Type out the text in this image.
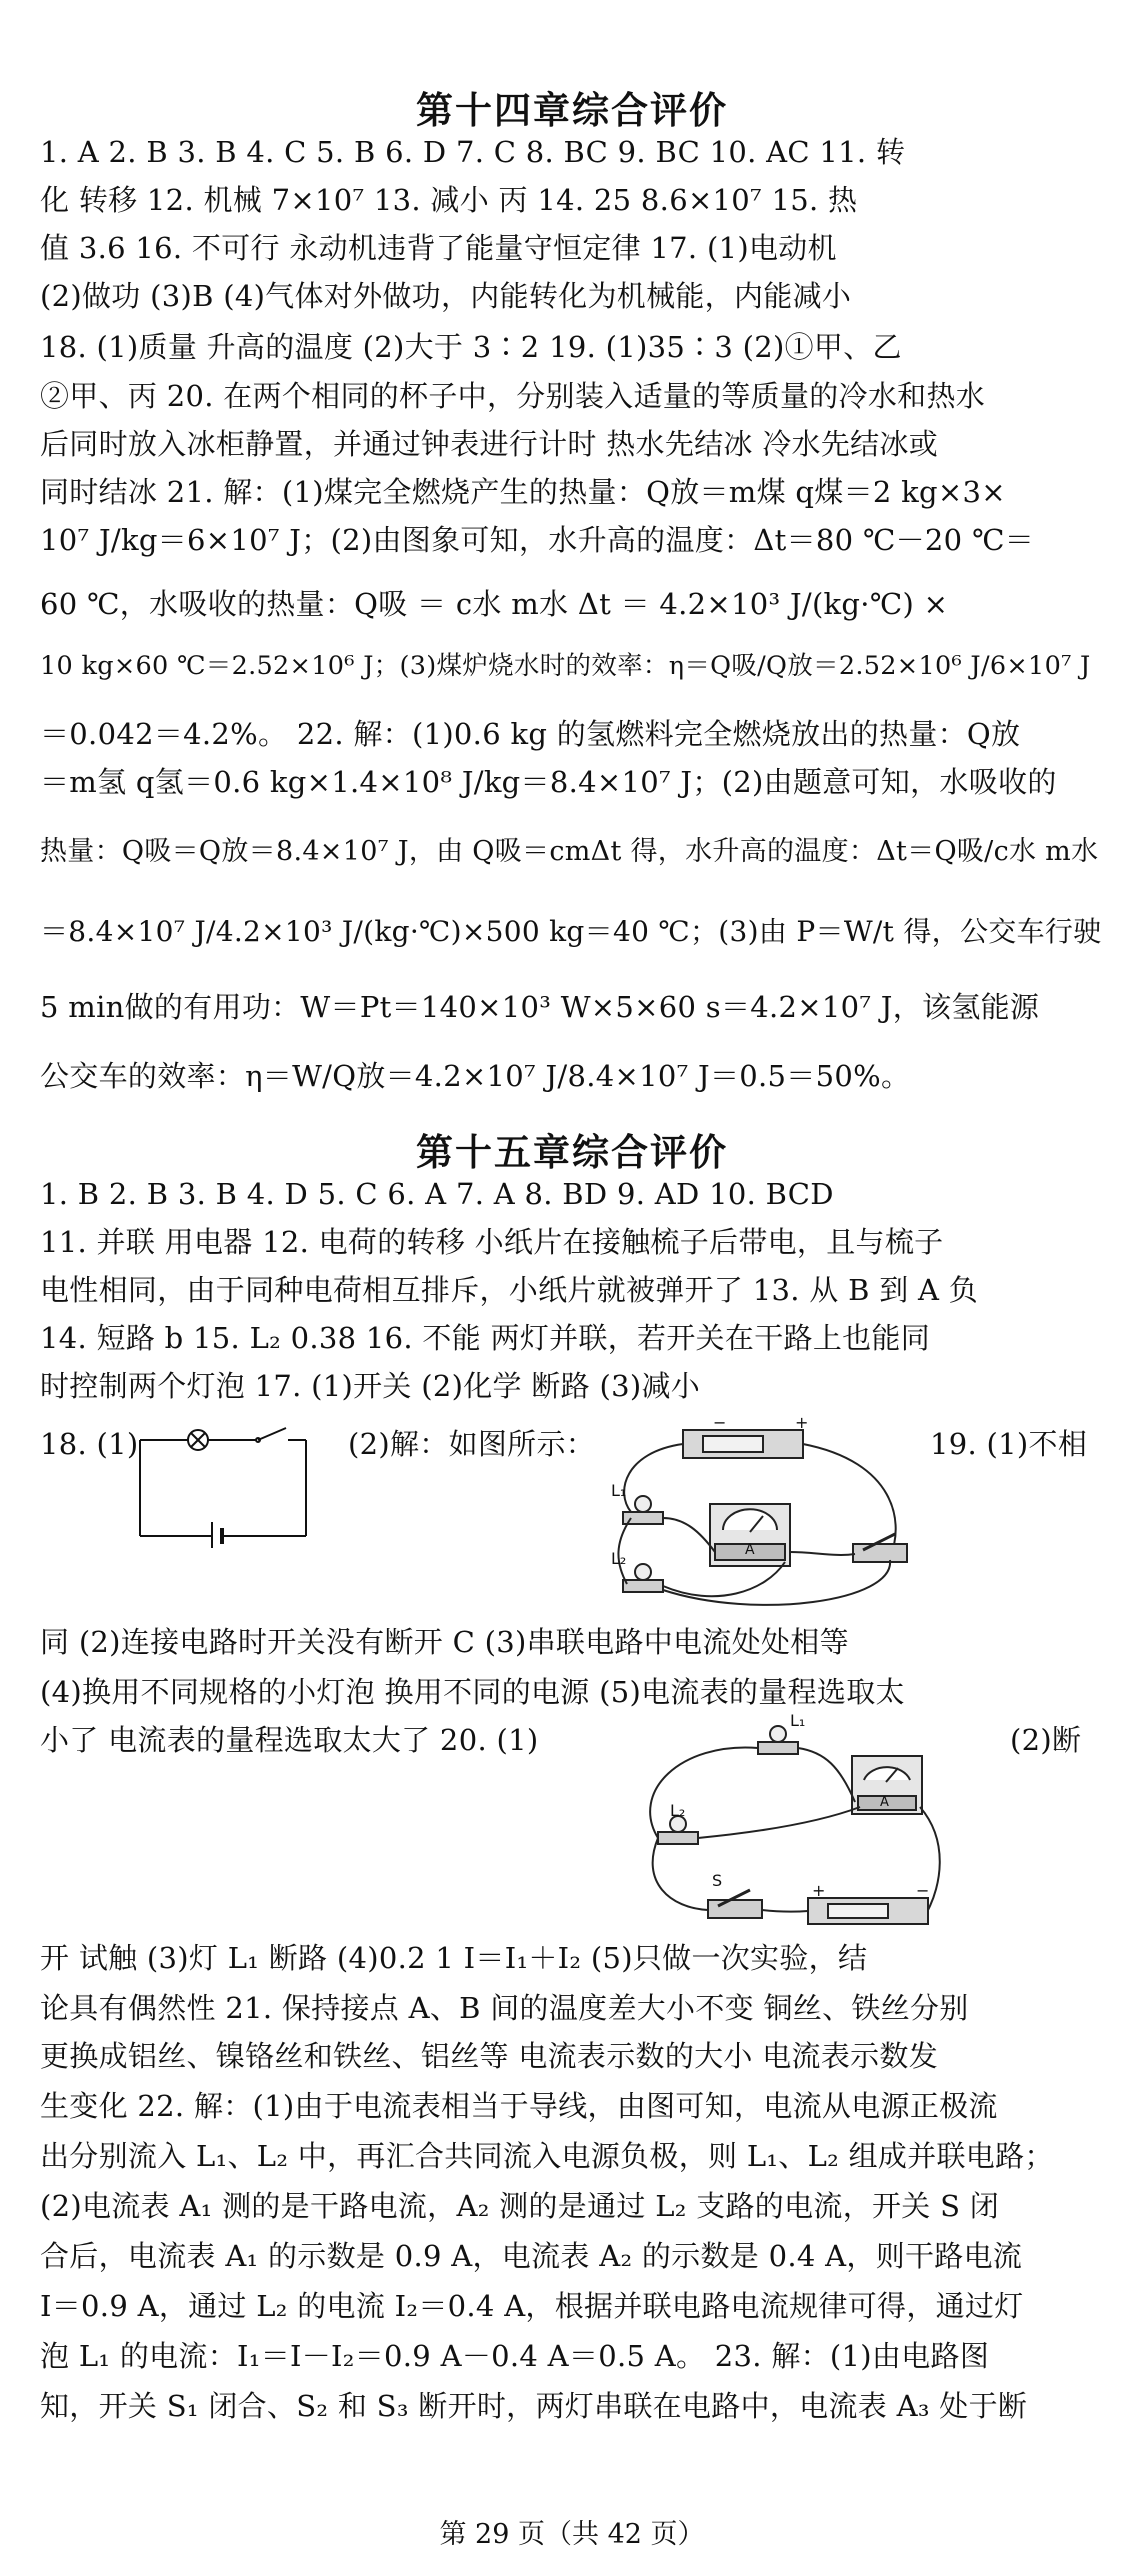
第十四章综合评价

1. A 2. B 3. B 4. C 5. B 6. D 7. C 8. BC 9. BC 10. AC 11. 转

化 转移 12. 机械 7×10⁷ 13. 减小 丙 14. 25 8.6×10⁷ 15. 热

值 3.6 16. 不可行 永动机违背了能量守恒定律 17. (1)电动机

(2)做功 (3)B (4)气体对外做功，内能转化为机械能，内能减小

18. (1)质量 升高的温度 (2)大于 3∶2 19. (1)35∶3 (2)①甲、乙

②甲、丙 20. 在两个相同的杯子中，分别装入适量的等质量的冷水和热水

后同时放入冰柜静置，并通过钟表进行计时 热水先结冰 冷水先结冰或

同时结冰 21. 解：(1)煤完全燃烧产生的热量：Q放＝m煤 q煤＝2 kg×3×

10⁷ J/kg＝6×10⁷ J；(2)由图象可知，水升高的温度：Δt＝80 ℃－20 ℃＝

60 ℃，水吸收的热量：Q吸 ＝ c水 m水 Δt ＝ 4.2×10³ J/(kg·℃) ×

10 kg×60 ℃＝2.52×10⁶ J；(3)煤炉烧水时的效率：η＝Q吸/Q放＝2.52×10⁶ J/6×10⁷ J

＝0.042＝4.2%。 22. 解：(1)0.6 kg 的氢燃料完全燃烧放出的热量：Q放

＝m氢 q氢＝0.6 kg×1.4×10⁸ J/kg＝8.4×10⁷ J；(2)由题意可知，水吸收的

热量：Q吸＝Q放＝8.4×10⁷ J，由 Q吸＝cmΔt 得，水升高的温度：Δt＝Q吸/c水 m水

＝8.4×10⁷ J/4.2×10³ J/(kg·℃)×500 kg＝40 ℃；(3)由 P＝W/t 得，公交车行驶

5 min做的有用功：W＝Pt＝140×10³ W×5×60 s＝4.2×10⁷ J，该氢能源

公交车的效率：η＝W/Q放＝4.2×10⁷ J/8.4×10⁷ J＝0.5＝50%。

第十五章综合评价

1. B 2. B 3. B 4. D 5. C 6. A 7. A 8. BD 9. AD 10. BCD

11. 并联 用电器 12. 电荷的转移 小纸片在接触梳子后带电，且与梳子

电性相同，由于同种电荷相互排斥，小纸片就被弹开了 13. 从 B 到 A 负

14. 短路 b 15. L₂ 0.38 16. 不能 两灯并联，若开关在干路上也能同

时控制两个灯泡 17. (1)开关 (2)化学 断路 (3)减小

18. (1)	(2)解：如图所示：

−	+
L₁
L₂	A

19. (1)不相

同 (2)连接电路时开关没有断开 C (3)串联电路中电流处处相等

(4)换用不同规格的小灯泡 换用不同的电源 (5)电流表的量程选取太

小了 电流表的量程选取太大了 20. (1)

L₁
L₂
S
A
+	−

(2)断

开 试触 (3)灯 L₁ 断路 (4)0.2 1 I＝I₁＋I₂ (5)只做一次实验，结

论具有偶然性 21. 保持接点 A、B 间的温度差大小不变 铜丝、铁丝分别

更换成铝丝、镍铬丝和铁丝、铝丝等 电流表示数的大小 电流表示数发

生变化 22. 解：(1)由于电流表相当于导线，由图可知，电流从电源正极流

出分别流入 L₁、L₂ 中，再汇合共同流入电源负极，则 L₁、L₂ 组成并联电路；

(2)电流表 A₁ 测的是干路电流，A₂ 测的是通过 L₂ 支路的电流，开关 S 闭

合后，电流表 A₁ 的示数是 0.9 A，电流表 A₂ 的示数是 0.4 A，则干路电流

I＝0.9 A，通过 L₂ 的电流 I₂＝0.4 A，根据并联电路电流规律可得，通过灯

泡 L₁ 的电流：I₁＝I－I₂＝0.9 A－0.4 A＝0.5 A。 23. 解：(1)由电路图

知，开关 S₁ 闭合、S₂ 和 S₃ 断开时，两灯串联在电路中，电流表 A₃ 处于断

第 29 页（共 42 页）
